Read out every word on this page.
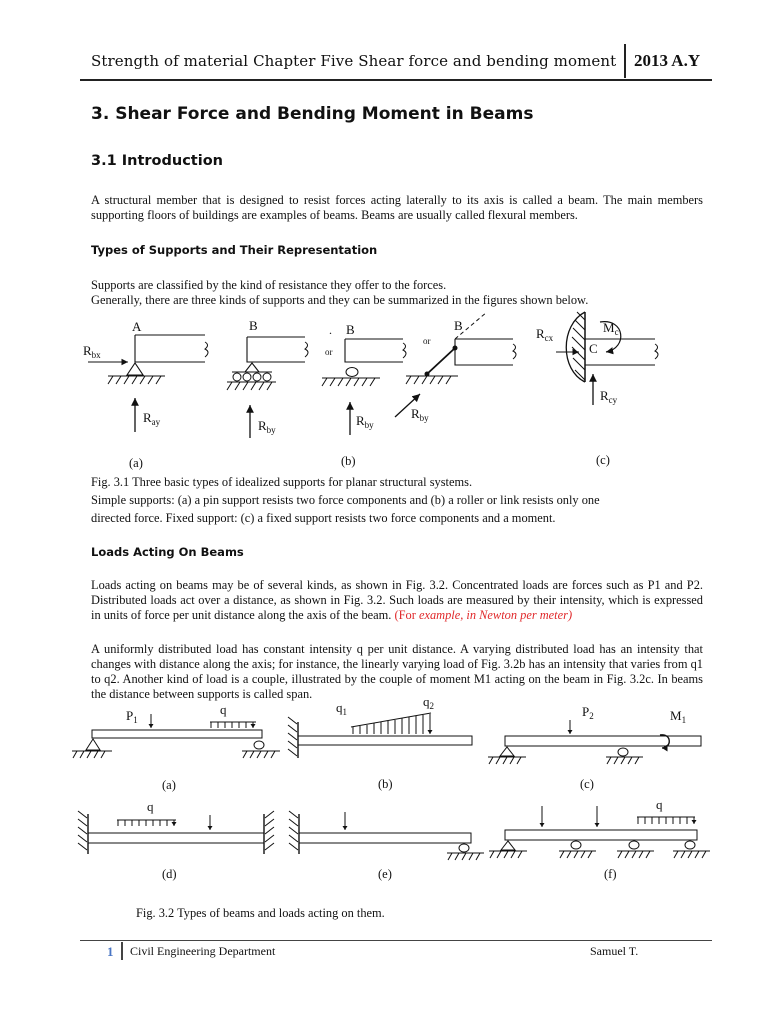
Strength of material Chapter Five Shear force and bending moment 2013 A.Y
3. Shear Force and Bending Moment in Beams
3.1 Introduction
A structural member that is designed to resist forces acting laterally to its axis is called a beam. The main members supporting floors of buildings are examples of beams. Beams are usually called flexural members.
Types of Supports and Their Representation
Supports are classified by the kind of resistance they offer to the forces.
Generally, there are three kinds of supports and they can be summarized in the figures shown below.
A
$R_{bx}$
$R_{ay}$
B
$R_{by}$
or
. B
$R_{by}$
or
B
$R_{by}$
$R_{cx}$
$M_c$
C
$R_{cy}$
(a)	(b)	(c)
Fig. 3.1 Three basic types of idealized supports for planar structural systems.
Simple supports: (a) a pin support resists two force components and (b) a roller or link resists only one
directed force. Fixed support: (c) a fixed support resists two force components and a moment.
Loads Acting On Beams
Loads acting on beams may be of several kinds, as shown in Fig. 3.2. Concentrated loads are forces such as P1 and P2. Distributed loads act over a distance, as shown in Fig. 3.2. Such loads are measured by their intensity, which is expressed in units of force per unit distance along the axis of the beam. (For example, in Newton per meter)
A uniformly distributed load has constant intensity q per unit distance. A varying distributed load has an intensity that changes with distance along the axis; for instance, the linearly varying load of Fig. 3.2b has an intensity that varies from q1 to q2. Another kind of load is a couple, illustrated by the couple of moment M1 acting on the beam in Fig. 3.2c. In beams the distance between supports is called span.
$P_1$
q	$q_1$
$q_2$	$P_2$	$M_1$
q	q
(a)	(b)	(c)
(d)	(e)	(f)
Fig. 3.2 Types of beams and loads acting on them.
1 Civil Engineering Department	Samuel T.
